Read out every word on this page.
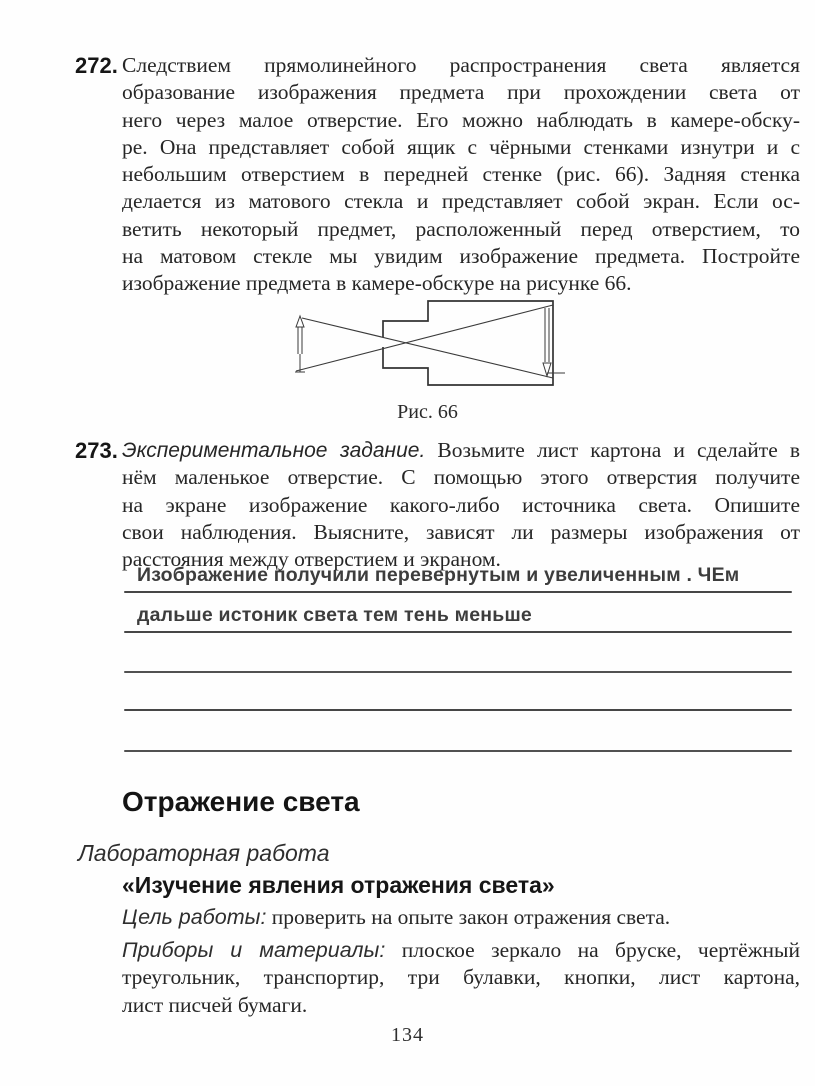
272. Следствием прямолинейного распространения света является
образование изображения предмета при прохождении света от
него через малое отверстие. Его можно наблюдать в камере-обску-
ре. Она представляет собой ящик с чёрными стенками изнутри и с
небольшим отверстием в передней стенке (рис. 66). Задняя стенка
делается из матового стекла и представляет собой экран. Если ос-
ветить некоторый предмет, расположенный перед отверстием, то
на матовом стекле мы увидим изображение предмета. Постройте
изображение предмета в камере-обскуре на рисунке 66.
Рис. 66
273. Экспериментальное задание. Возьмите лист картона и сделайте в
нём маленькое отверстие. С помощью этого отверстия получите
на экране изображение какого-либо источника света. Опишите
свои наблюдения. Выясните, зависят ли размеры изображения от
расстояния между отверстием и экраном.
Изображение получили перевернутым и увеличенным . ЧЕм
дальше истоник света тем тень меньше
Отражение света
Лабораторная работа
«Изучение явления отражения света»
Цель работы: проверить на опыте закон отражения света.
Приборы и материалы: плоское зеркало на бруске, чертёжный
треугольник, транспортир, три булавки, кнопки, лист картона,
лист писчей бумаги.
134
